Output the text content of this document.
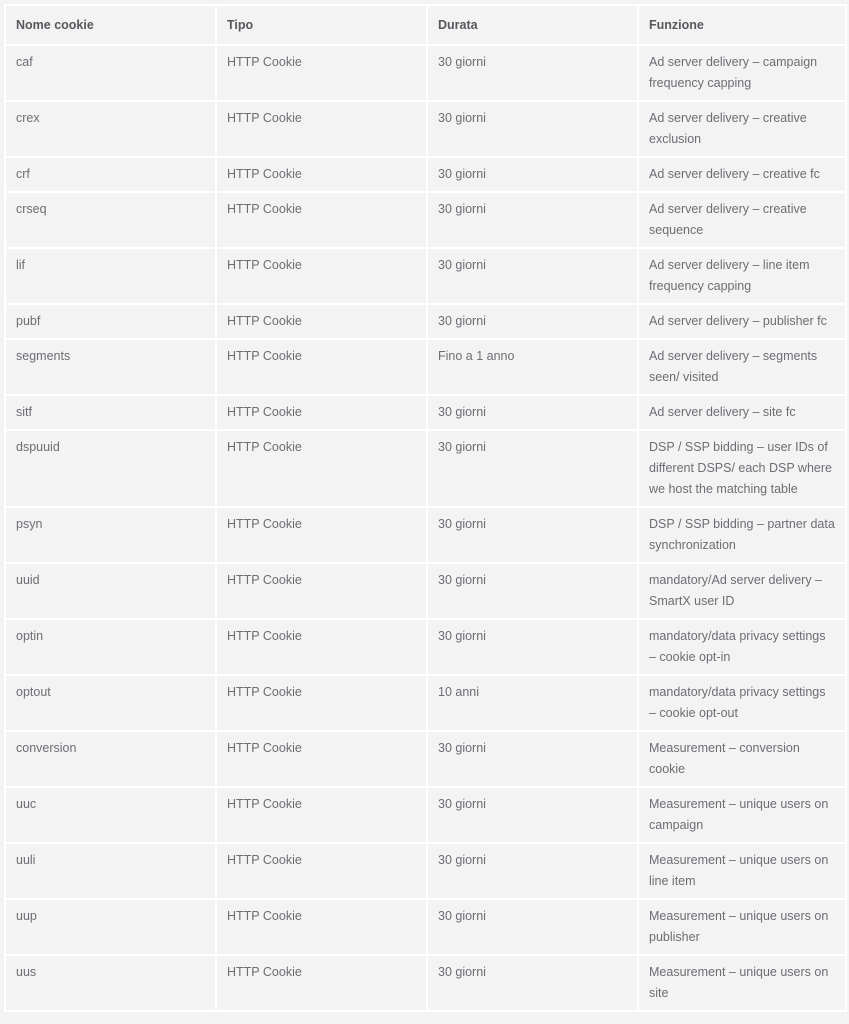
Nome cookie	Tipo	Durata	Funzione
caf	HTTP Cookie	30 giorni	Ad server delivery – campaign frequency capping
crex	HTTP Cookie	30 giorni	Ad server delivery – creative exclusion
crf	HTTP Cookie	30 giorni	Ad server delivery – creative fc
crseq	HTTP Cookie	30 giorni	Ad server delivery – creative sequence
lif	HTTP Cookie	30 giorni	Ad server delivery – line item frequency capping
pubf	HTTP Cookie	30 giorni	Ad server delivery – publisher fc
segments	HTTP Cookie	Fino a 1 anno	Ad server delivery – segments seen/ visited
sitf	HTTP Cookie	30 giorni	Ad server delivery – site fc
dspuuid	HTTP Cookie	30 giorni	DSP / SSP bidding – user IDs of different DSPS/ each DSP where we host the matching table
psyn	HTTP Cookie	30 giorni	DSP / SSP bidding – partner data synchronization
uuid	HTTP Cookie	30 giorni	mandatory/Ad server delivery – SmartX user ID
optin	HTTP Cookie	30 giorni	mandatory/data privacy settings – cookie opt-in
optout	HTTP Cookie	10 anni	mandatory/data privacy settings – cookie opt-out
conversion	HTTP Cookie	30 giorni	Measurement – conversion cookie
uuc	HTTP Cookie	30 giorni	Measurement – unique users on campaign
uuli	HTTP Cookie	30 giorni	Measurement – unique users on line item
uup	HTTP Cookie	30 giorni	Measurement – unique users on publisher
uus	HTTP Cookie	30 giorni	Measurement – unique users on site
